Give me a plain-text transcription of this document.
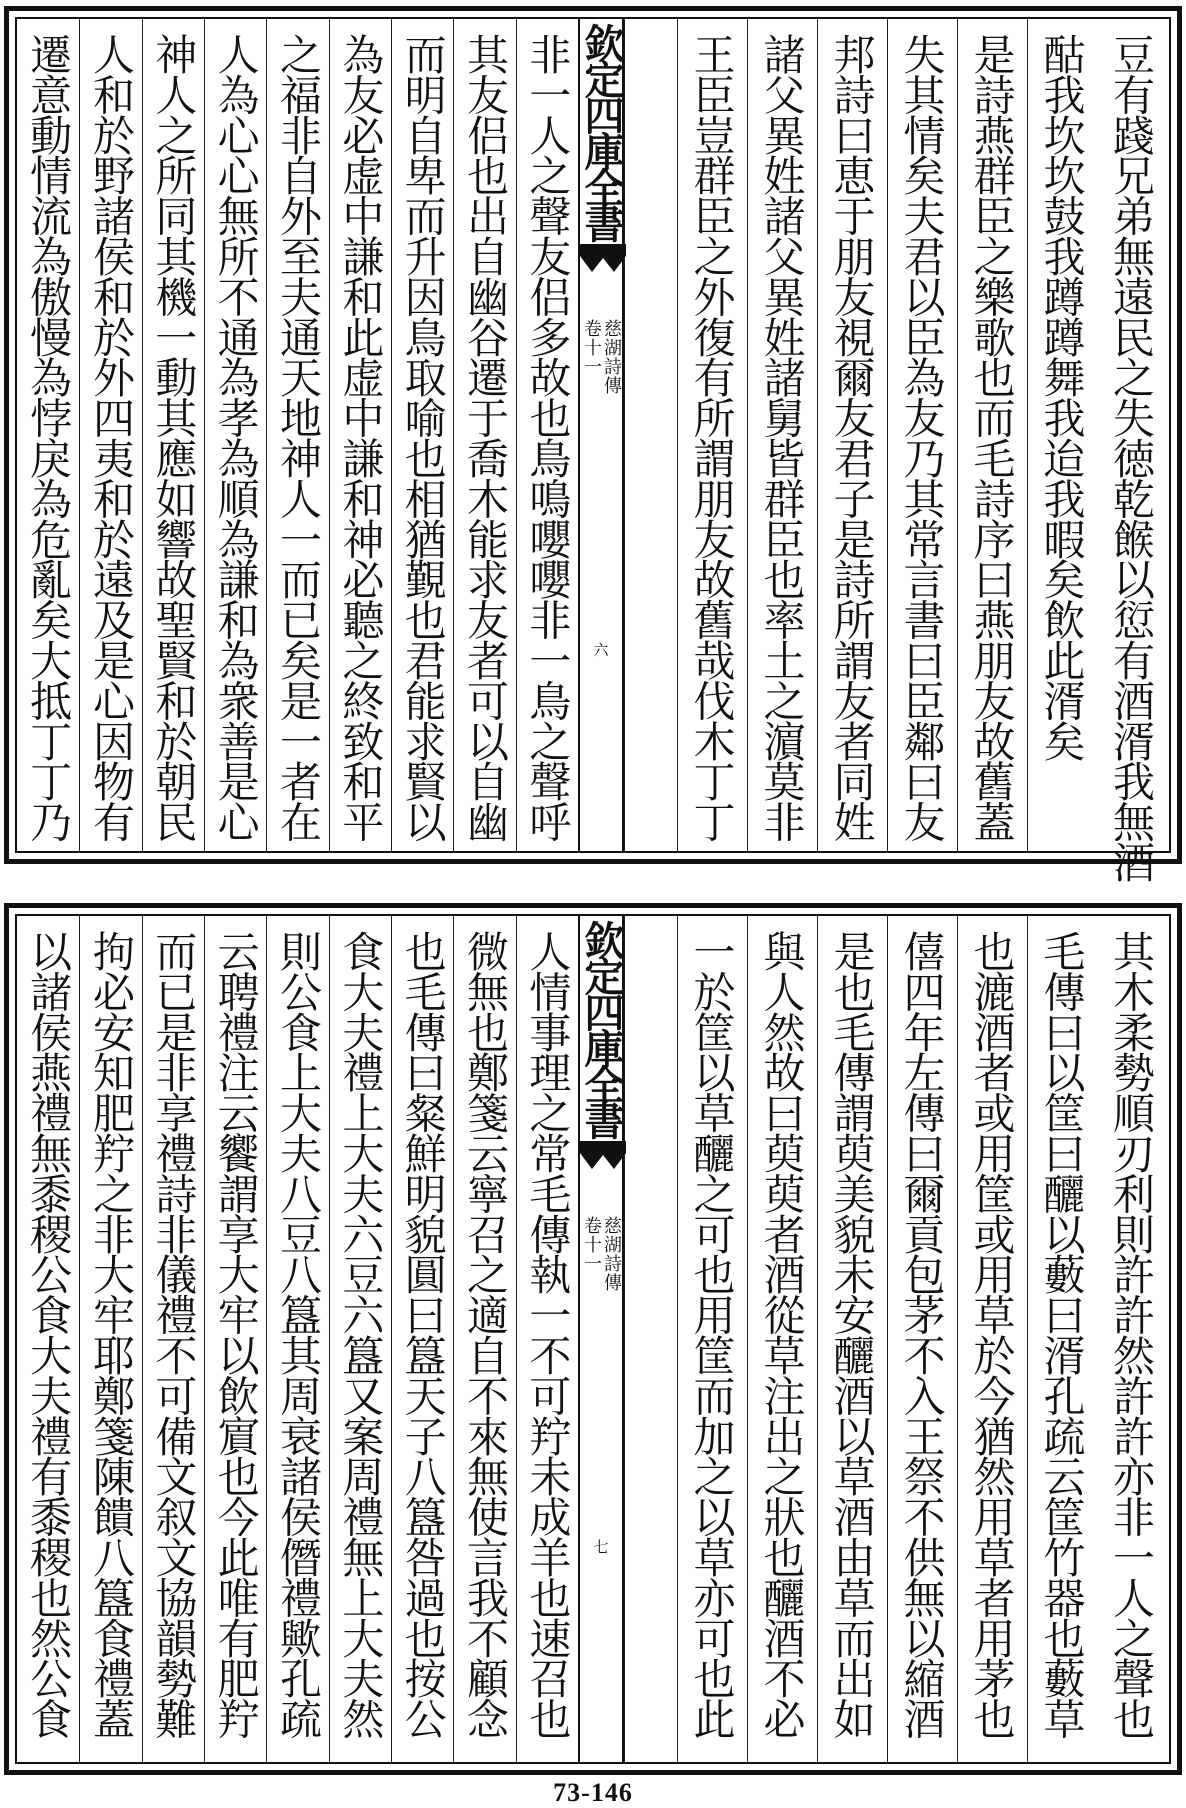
豆有踐兄弟無遠民之失徳乾餱以愆有酒湑我無酒
酤我坎坎鼓我蹲蹲舞我迨我暇矣飲此湑矣
是詩燕群臣之樂歌也而毛詩序曰燕朋友故舊蓋
失其情矣夫君以臣為友乃其常言書曰臣鄰曰友
邦詩曰恵于朋友視爾友君子是詩所謂友者同姓
諸父異姓諸父異姓諸舅皆群臣也率土之濵莫非
王臣豈群臣之外復有所謂朋友故舊哉伐木丁丁
欽定四庫全書
卷十一 慈湖詩傳
六
非一人之聲友侣多故也鳥鳴嚶嚶非一鳥之聲呼
其友侣也出自幽谷遷于喬木能求友者可以自幽
而明自卑而升因鳥取喻也相猶覲也君能求賢以
為友必虚中謙和此虚中謙和神必聽之終致和平
之福非自外至夫通天地神人一而已矣是一者在
人為心心無所不通為孝為順為謙和為衆善是心
神人之所同其機一動其應如響故聖賢和於朝民
人和於野諸侯和於外四夷和於遠及是心因物有
遷意動情流為傲慢為悖戾為危亂矣大抵丁丁乃
其木柔勢順刃利則許許然許許亦非一人之聲也
毛傳曰以筐曰釃以藪曰湑孔疏云筐竹器也藪草
也漉酒者或用筐或用草於今猶然用草者用茅也
僖四年左傳曰爾貢包茅不入王祭不供無以縮酒
是也毛傳謂萸美貌未安釃酒以草酒由草而出如
與人然故曰萸萸者酒從草注出之狀也釃酒不必
一於筐以草釃之可也用筐而加之以草亦可也此
欽定四庫全書
卷十一 慈湖詩傳
七
人情事理之常毛傳執一不可羜未成羊也速召也
微無也鄭箋云寧召之適自不來無使言我不顧念
也毛傳曰粲鮮明貌圓曰簋天子八簋咎過也按公
食大夫禮上大夫六豆六簋又案周禮無上大夫然
則公食上大夫八豆八簋其周衰諸侯僭禮歟孔疏
云聘禮注云饗謂享大牢以飲賔也今此唯有肥羜
而已是非享禮詩非儀禮不可備文叙文協韻勢難
拘必安知肥羜之非大牢耶鄭箋陳饋八簋食禮蓋
以諸侯燕禮無黍稷公食大夫禮有黍稷也然公食
73-146
